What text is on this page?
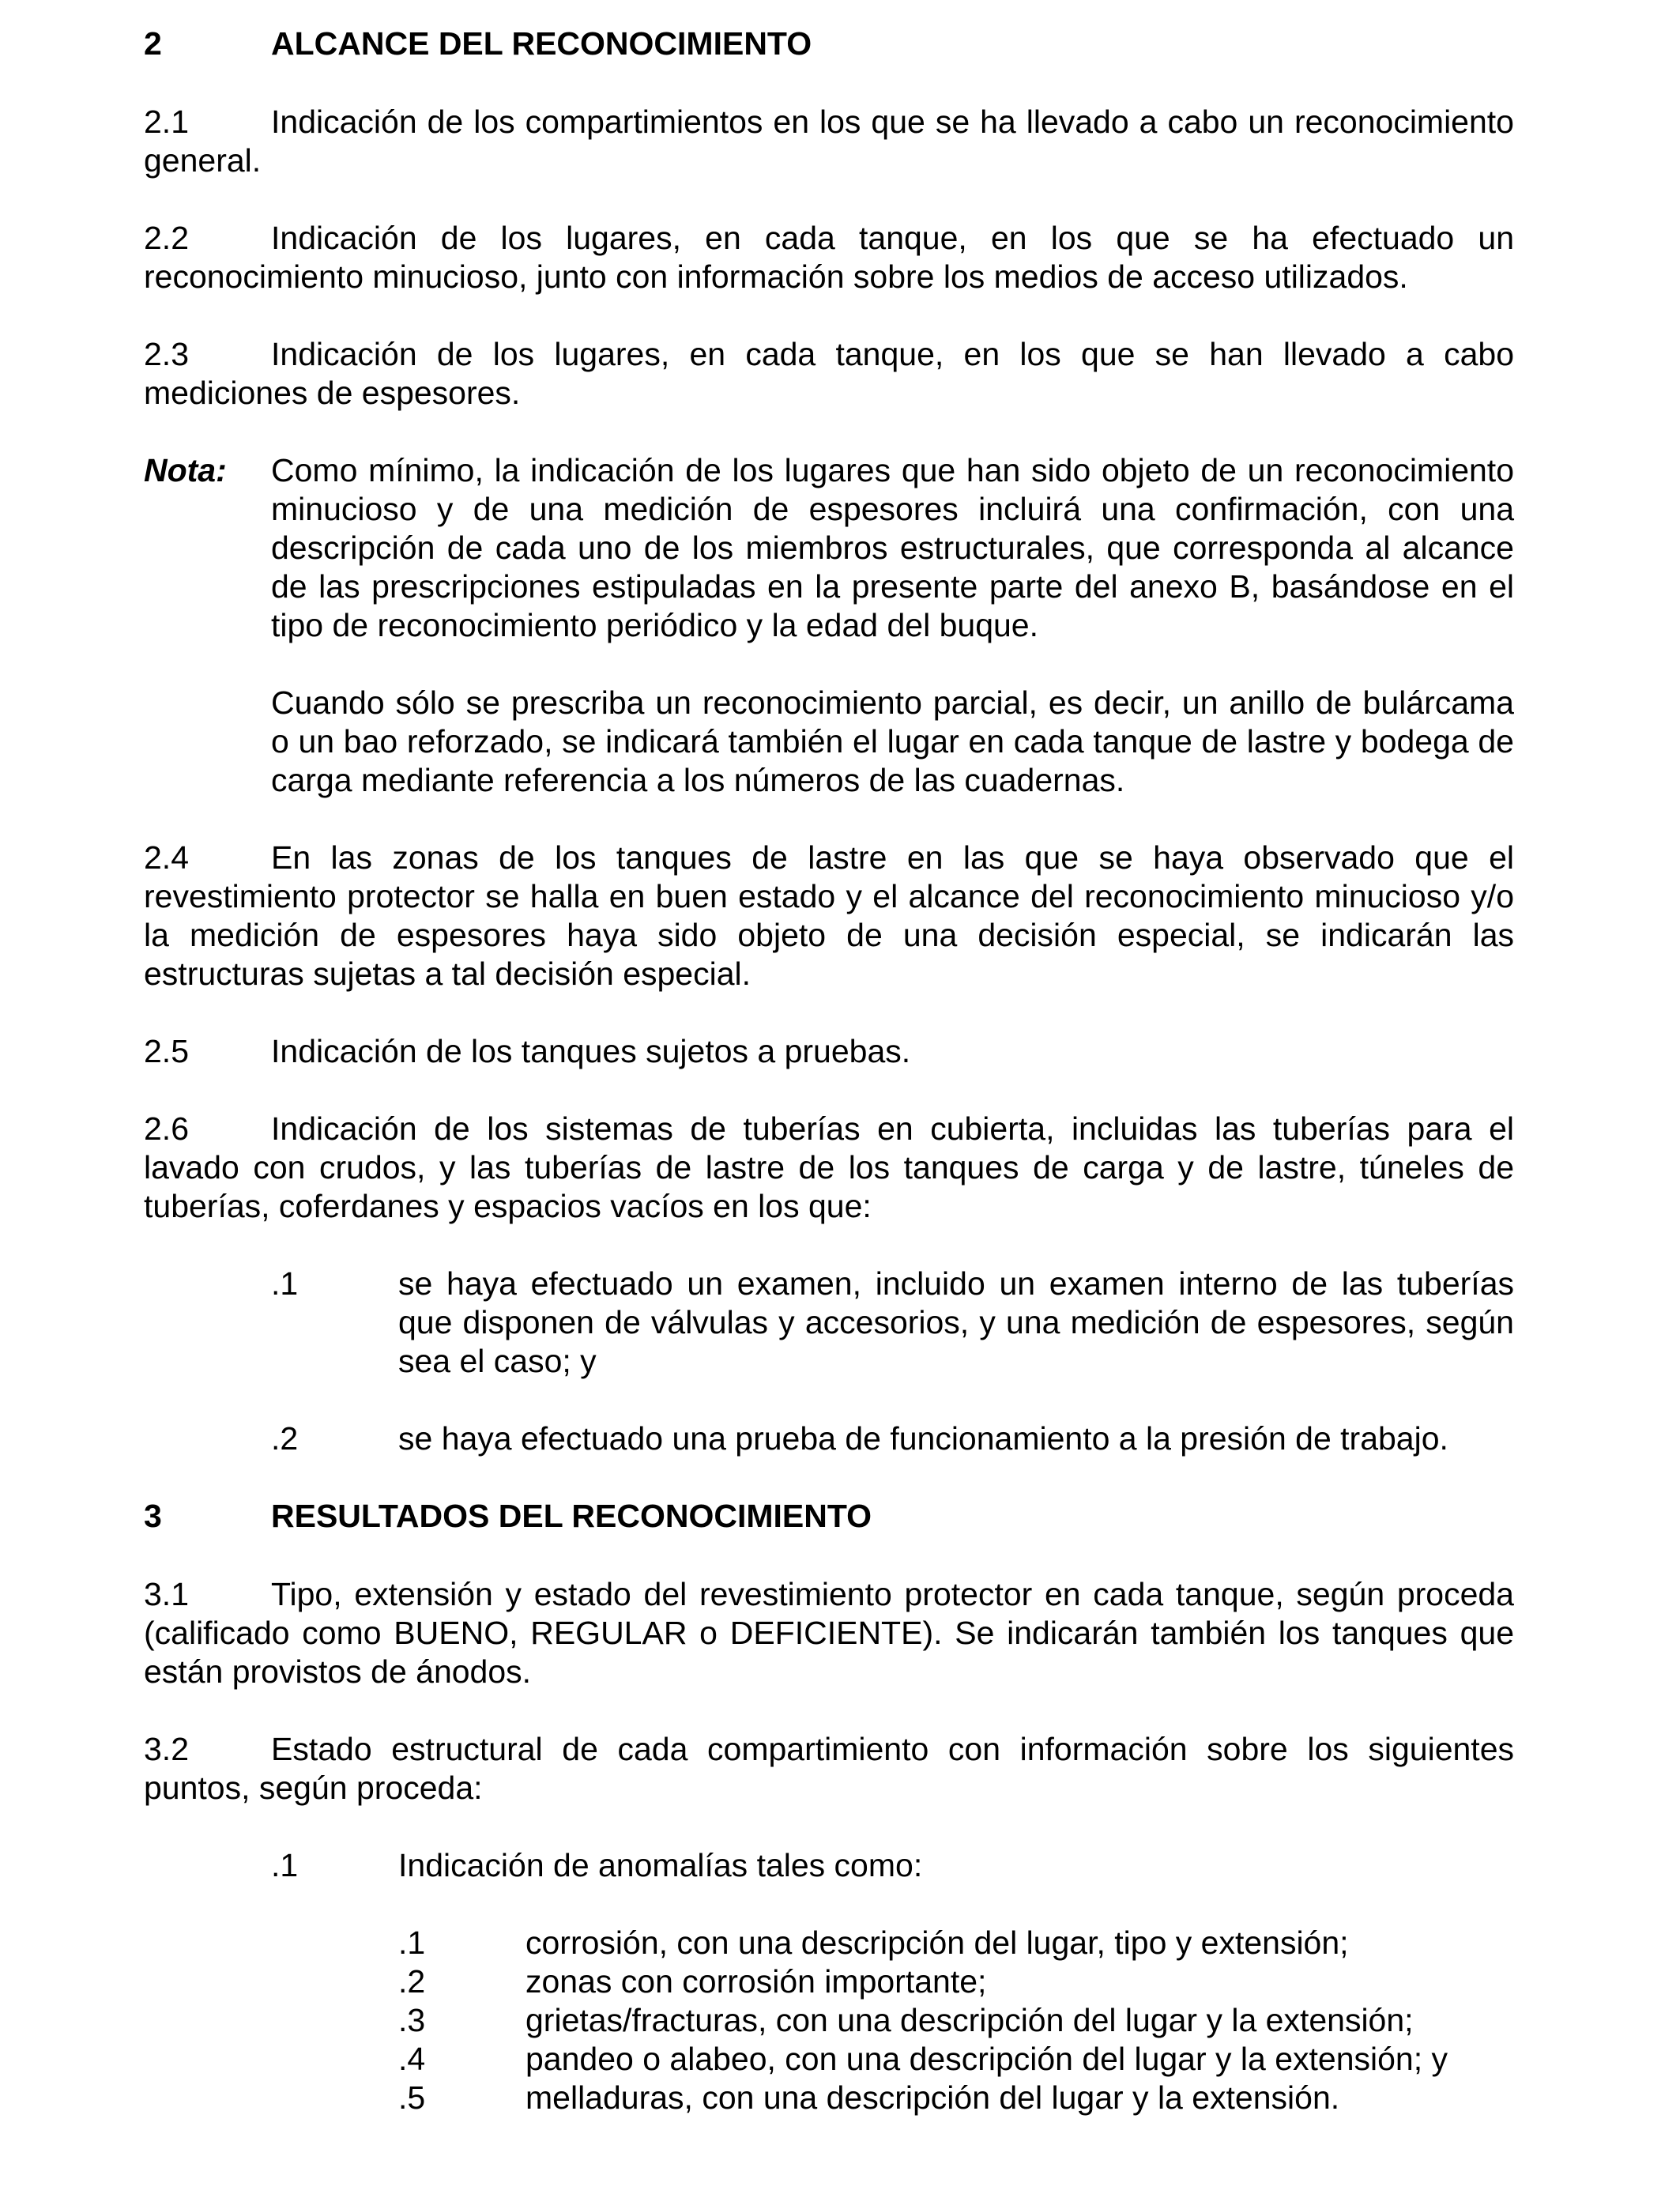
2	ALCANCE DEL RECONOCIMIENTO
2.1	Indicación de los compartimientos en los que se ha llevado a cabo un reconocimiento general.
2.2	Indicación de los lugares, en cada tanque, en los que se ha efectuado un reconocimiento minucioso, junto con información sobre los medios de acceso utilizados.
2.3	Indicación de los lugares, en cada tanque, en los que se han llevado a cabo mediciones de espesores.
Nota:	Como mínimo, la indicación de los lugares que han sido objeto de un reconocimiento minucioso y de una medición de espesores incluirá una confirmación, con una descripción de cada uno de los miembros estructurales, que corresponda al alcance de las prescripciones estipuladas en la presente parte del anexo B, basándose en el tipo de reconocimiento periódico y la edad del buque.

Cuando sólo se prescriba un reconocimiento parcial, es decir, un anillo de bulárcama o un bao reforzado, se indicará también el lugar en cada tanque de lastre y bodega de carga mediante referencia a los números de las cuadernas.

2.4	En las zonas de los tanques de lastre en las que se haya observado que el revestimiento protector se halla en buen estado y el alcance del reconocimiento minucioso y/o la medición de espesores haya sido objeto de una decisión especial, se indicarán las estructuras sujetas a tal decisión especial.
2.5	Indicación de los tanques sujetos a pruebas.
2.6	Indicación de los sistemas de tuberías en cubierta, incluidas las tuberías para el lavado con crudos, y las tuberías de lastre de los tanques de carga y de lastre, túneles de tuberías, coferdanes y espacios vacíos en los que:
.1	se haya efectuado un examen, incluido un examen interno de las tuberías que disponen de válvulas y accesorios, y una medición de espesores, según sea el caso; y
.2	se haya efectuado una prueba de funcionamiento a la presión de trabajo.
3	RESULTADOS DEL RECONOCIMIENTO
3.1	Tipo, extensión y estado del revestimiento protector en cada tanque, según proceda (calificado como BUENO, REGULAR o DEFICIENTE). Se indicarán también los tanques que están provistos de ánodos.
3.2	Estado estructural de cada compartimiento con información sobre los siguientes puntos, según proceda:
.1	Indicación de anomalías tales como:
.1	corrosión, con una descripción del lugar, tipo y extensión;
.2	zonas con corrosión importante;
.3	grietas/fracturas, con una descripción del lugar y la extensión;
.4	pandeo o alabeo, con una descripción del lugar y la extensión; y
.5	melladuras, con una descripción del lugar y la extensión.
